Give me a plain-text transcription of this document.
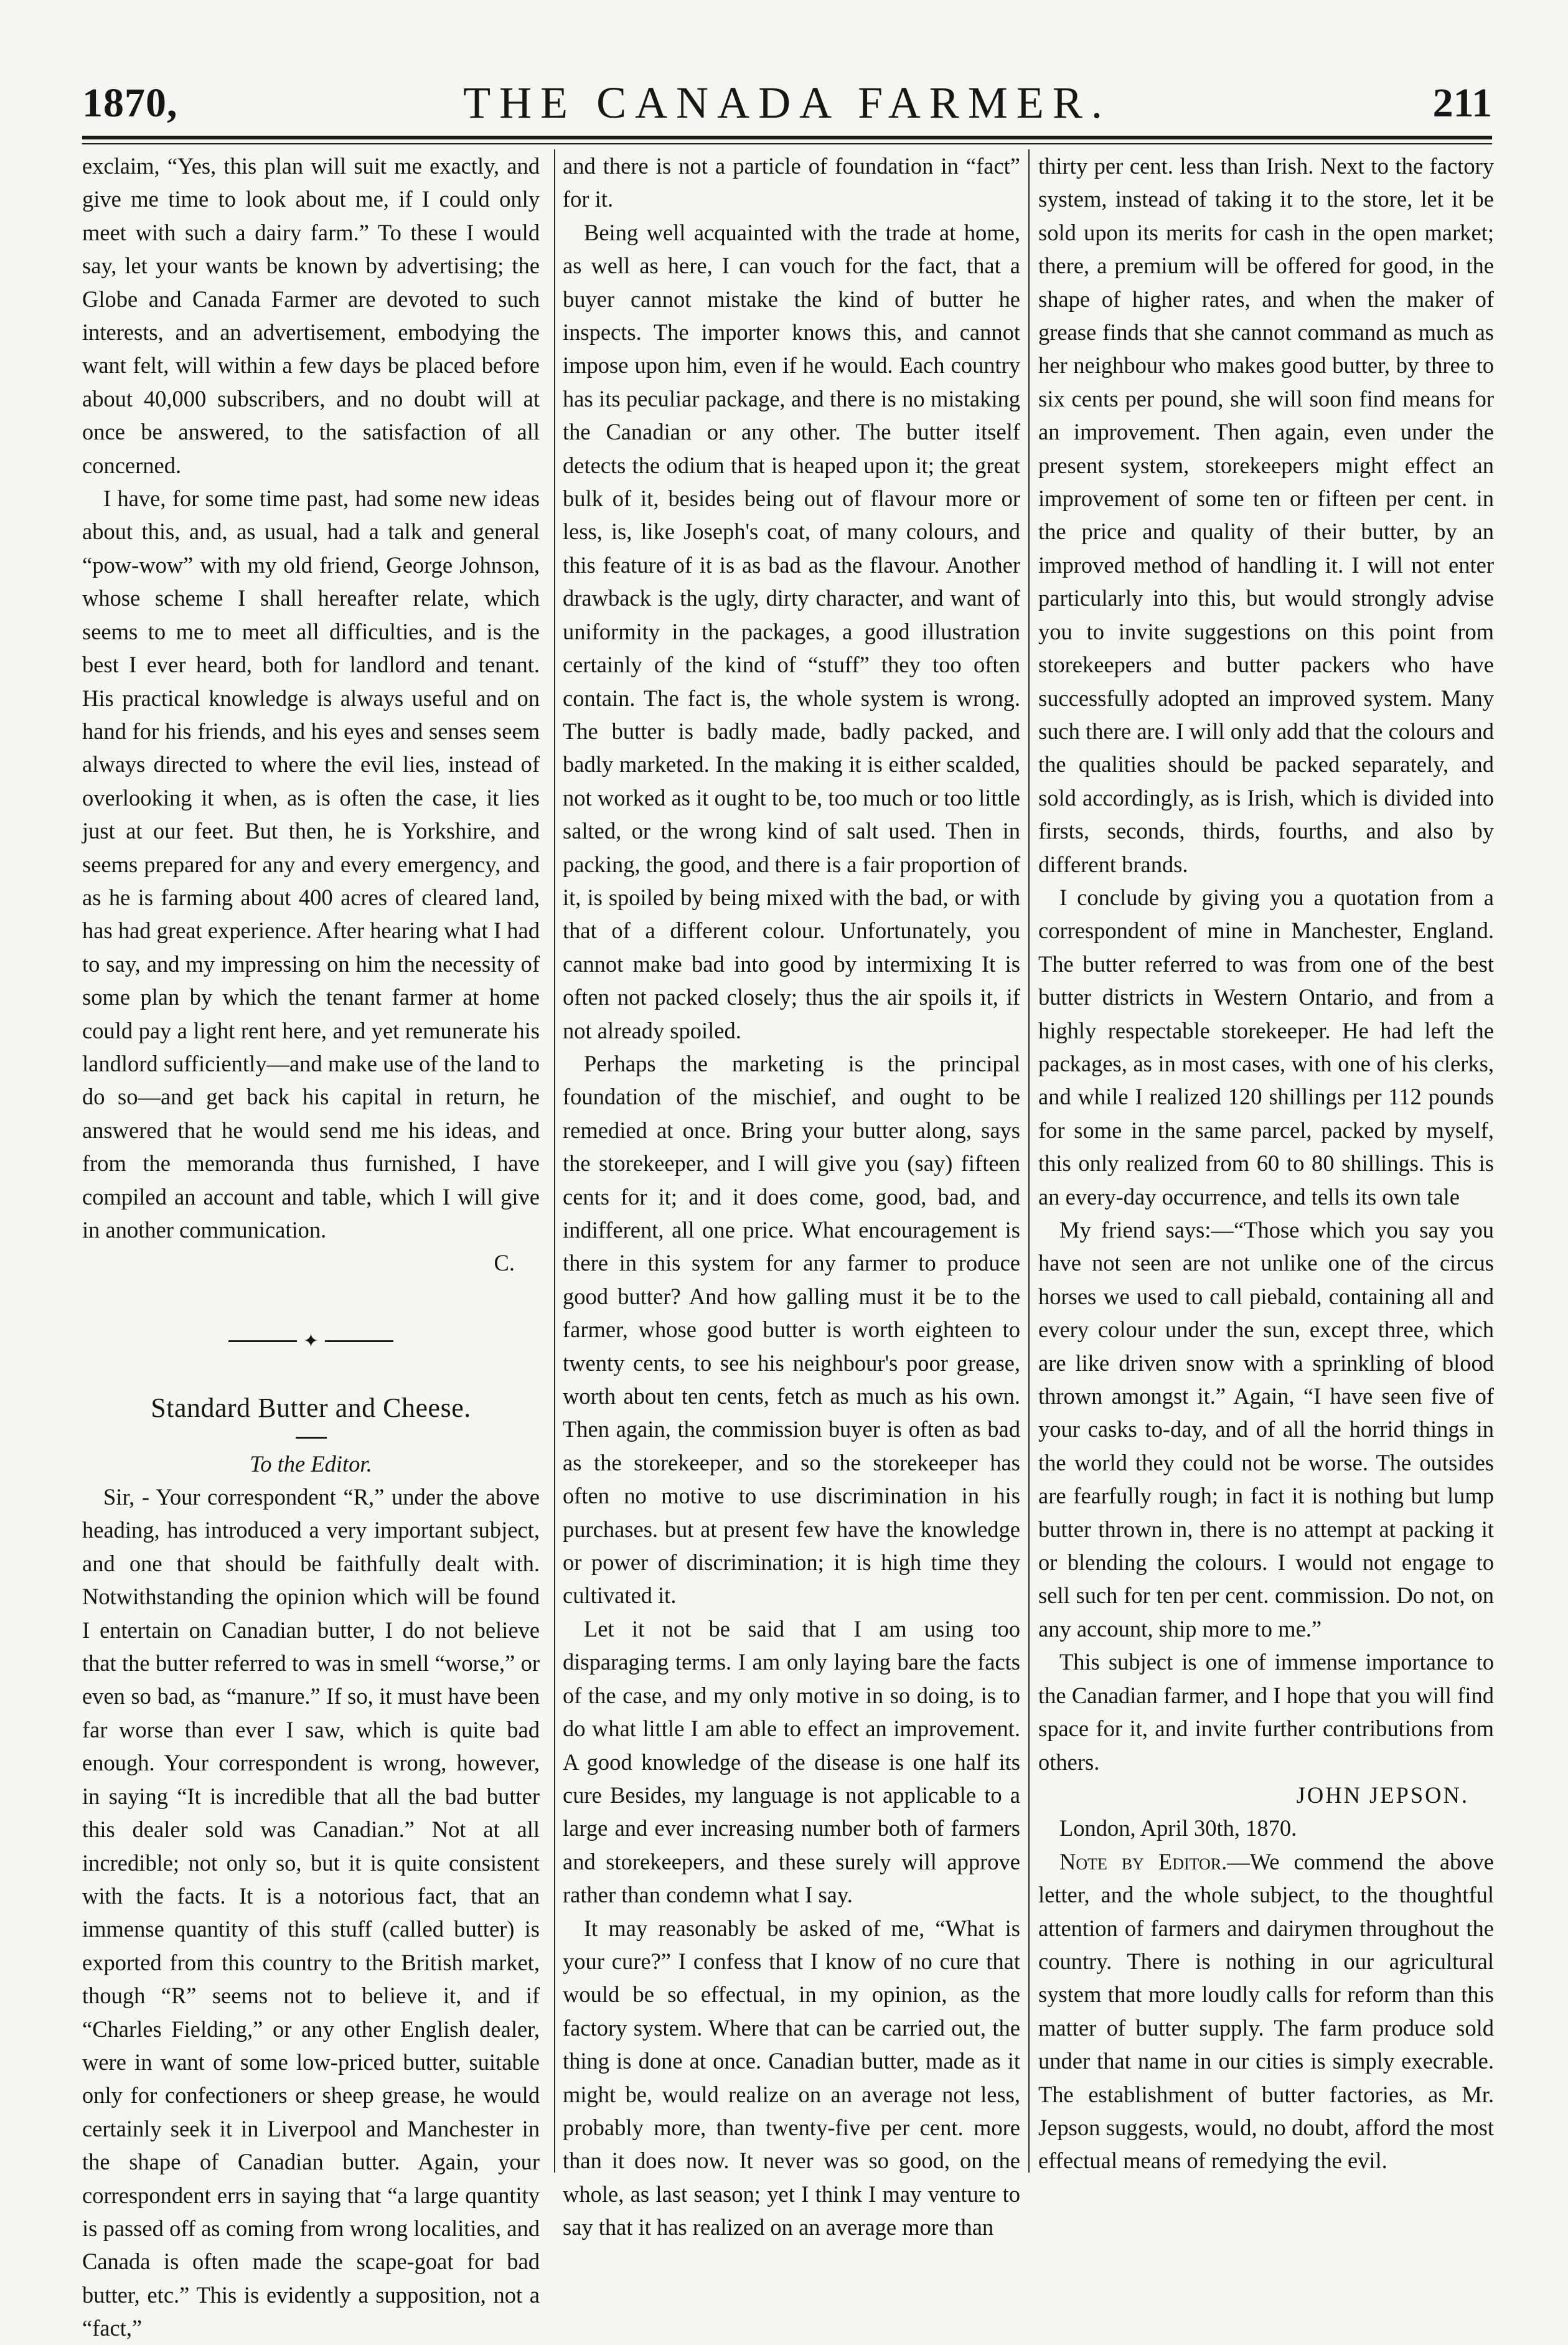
1870,	THE CANADA FARMER.	211

exclaim, “Yes, this plan will suit me exactly, and give me time to look about me, if I could only meet with such a dairy farm.” To these I would say, let your wants be known by advertising; the Globe and Canada Farmer are devoted to such interests, and an advertisement, embodying the want felt, will within a few days be placed before about 40,000 subscribers, and no doubt will at once be answered, to the satisfaction of all concerned.

I have, for some time past, had some new ideas about this, and, as usual, had a talk and general “pow-wow” with my old friend, George Johnson, whose scheme I shall hereafter relate, which seems to me to meet all difficulties, and is the best I ever heard, both for landlord and tenant. His practical knowledge is always useful and on hand for his friends, and his eyes and senses seem always directed to where the evil lies, instead of overlooking it when, as is often the case, it lies just at our feet. But then, he is Yorkshire, and seems prepared for any and every emergency, and as he is farming about 400 acres of cleared land, has had great experience. After hearing what I had to say, and my impressing on him the necessity of some plan by which the tenant farmer at home could pay a light rent here, and yet remunerate his landlord sufficiently—and make use of the land to do so—and get back his capital in return, he answered that he would send me his ideas, and from the memoranda thus furnished, I have compiled an account and table, which I will give in another communication.

C.

✦
Standard Butter and Cheese.

To the Editor.

Sir, - Your correspondent “R,” under the above heading, has introduced a very important subject, and one that should be faithfully dealt with. Notwithstanding the opinion which will be found I entertain on Canadian butter, I do not believe that the butter referred to was in smell “worse,” or even so bad, as “manure.” If so, it must have been far worse than ever I saw, which is quite bad enough. Your correspondent is wrong, however, in saying “It is incredible that all the bad butter this dealer sold was Canadian.” Not at all incredible; not only so, but it is quite consistent with the facts. It is a notorious fact, that an immense quantity of this stuff (called butter) is exported from this country to the British market, though “R” seems not to believe it, and if “Charles Fielding,” or any other English dealer, were in want of some low-priced butter, suitable only for confectioners or sheep grease, he would certainly seek it in Liverpool and Manchester in the shape of Canadian butter. Again, your correspondent errs in saying that “a large quantity is passed off as coming from wrong localities, and Canada is often made the scape-goat for bad butter, etc.” This is evidently a supposition, not a “fact,”

and there is not a particle of foundation in “fact” for it.

Being well acquainted with the trade at home, as well as here, I can vouch for the fact, that a buyer cannot mistake the kind of butter he inspects. The importer knows this, and cannot impose upon him, even if he would. Each country has its peculiar package, and there is no mistaking the Canadian or any other. The butter itself detects the odium that is heaped upon it; the great bulk of it, besides being out of flavour more or less, is, like Joseph's coat, of many colours, and this feature of it is as bad as the flavour. Another drawback is the ugly, dirty character, and want of uniformity in the packages, a good illustration certainly of the kind of “stuff” they too often contain. The fact is, the whole system is wrong. The butter is badly made, badly packed, and badly marketed. In the making it is either scalded, not worked as it ought to be, too much or too little salted, or the wrong kind of salt used. Then in packing, the good, and there is a fair proportion of it, is spoiled by being mixed with the bad, or with that of a different colour. Unfortunately, you cannot make bad into good by intermixing It is often not packed closely; thus the air spoils it, if not already spoiled.

Perhaps the marketing is the principal foundation of the mischief, and ought to be remedied at once. Bring your butter along, says the storekeeper, and I will give you (say) fifteen cents for it; and it does come, good, bad, and indifferent, all one price. What encouragement is there in this system for any farmer to produce good butter? And how galling must it be to the farmer, whose good butter is worth eighteen to twenty cents, to see his neighbour's poor grease, worth about ten cents, fetch as much as his own. Then again, the commission buyer is often as bad as the storekeeper, and so the storekeeper has often no motive to use discrimination in his purchases. but at present few have the knowledge or power of discrimination; it is high time they cultivated it.

Let it not be said that I am using too disparaging terms. I am only laying bare the facts of the case, and my only motive in so doing, is to do what little I am able to effect an improvement. A good knowledge of the disease is one half its cure Besides, my language is not applicable to a large and ever increasing number both of farmers and storekeepers, and these surely will approve rather than condemn what I say.

It may reasonably be asked of me, “What is your cure?” I confess that I know of no cure that would be so effectual, in my opinion, as the factory system. Where that can be carried out, the thing is done at once. Canadian butter, made as it might be, would realize on an average not less, probably more, than twenty-five per cent. more than it does now. It never was so good, on the whole, as last season; yet I think I may venture to say that it has realized on an average more than

thirty per cent. less than Irish. Next to the factory system, instead of taking it to the store, let it be sold upon its merits for cash in the open market; there, a premium will be offered for good, in the shape of higher rates, and when the maker of grease finds that she cannot command as much as her neighbour who makes good butter, by three to six cents per pound, she will soon find means for an improvement. Then again, even under the present system, storekeepers might effect an improvement of some ten or fifteen per cent. in the price and quality of their butter, by an improved method of handling it. I will not enter particularly into this, but would strongly advise you to invite suggestions on this point from storekeepers and butter packers who have successfully adopted an improved system. Many such there are. I will only add that the colours and the qualities should be packed separately, and sold accordingly, as is Irish, which is divided into firsts, seconds, thirds, fourths, and also by different brands.

I conclude by giving you a quotation from a correspondent of mine in Manchester, England. The butter referred to was from one of the best butter districts in Western Ontario, and from a highly respectable storekeeper. He had left the packages, as in most cases, with one of his clerks, and while I realized 120 shillings per 112 pounds for some in the same parcel, packed by myself, this only realized from 60 to 80 shillings. This is an every-day occurrence, and tells its own tale

My friend says:—“Those which you say you have not seen are not unlike one of the circus horses we used to call piebald, containing all and every colour under the sun, except three, which are like driven snow with a sprinkling of blood thrown amongst it.” Again, “I have seen five of your casks to-day, and of all the horrid things in the world they could not be worse. The outsides are fearfully rough; in fact it is nothing but lump butter thrown in, there is no attempt at packing it or blending the colours. I would not engage to sell such for ten per cent. commission. Do not, on any account, ship more to me.”

This subject is one of immense importance to the Canadian farmer, and I hope that you will find space for it, and invite further contributions from others.

JOHN JEPSON.

London, April 30th, 1870.

Note by Editor.—We commend the above letter, and the whole subject, to the thoughtful attention of farmers and dairymen throughout the country. There is nothing in our agricultural system that more loudly calls for reform than this matter of butter supply. The farm produce sold under that name in our cities is simply execrable. The establishment of butter factories, as Mr. Jepson suggests, would, no doubt, afford the most effectual means of remedying the evil.
